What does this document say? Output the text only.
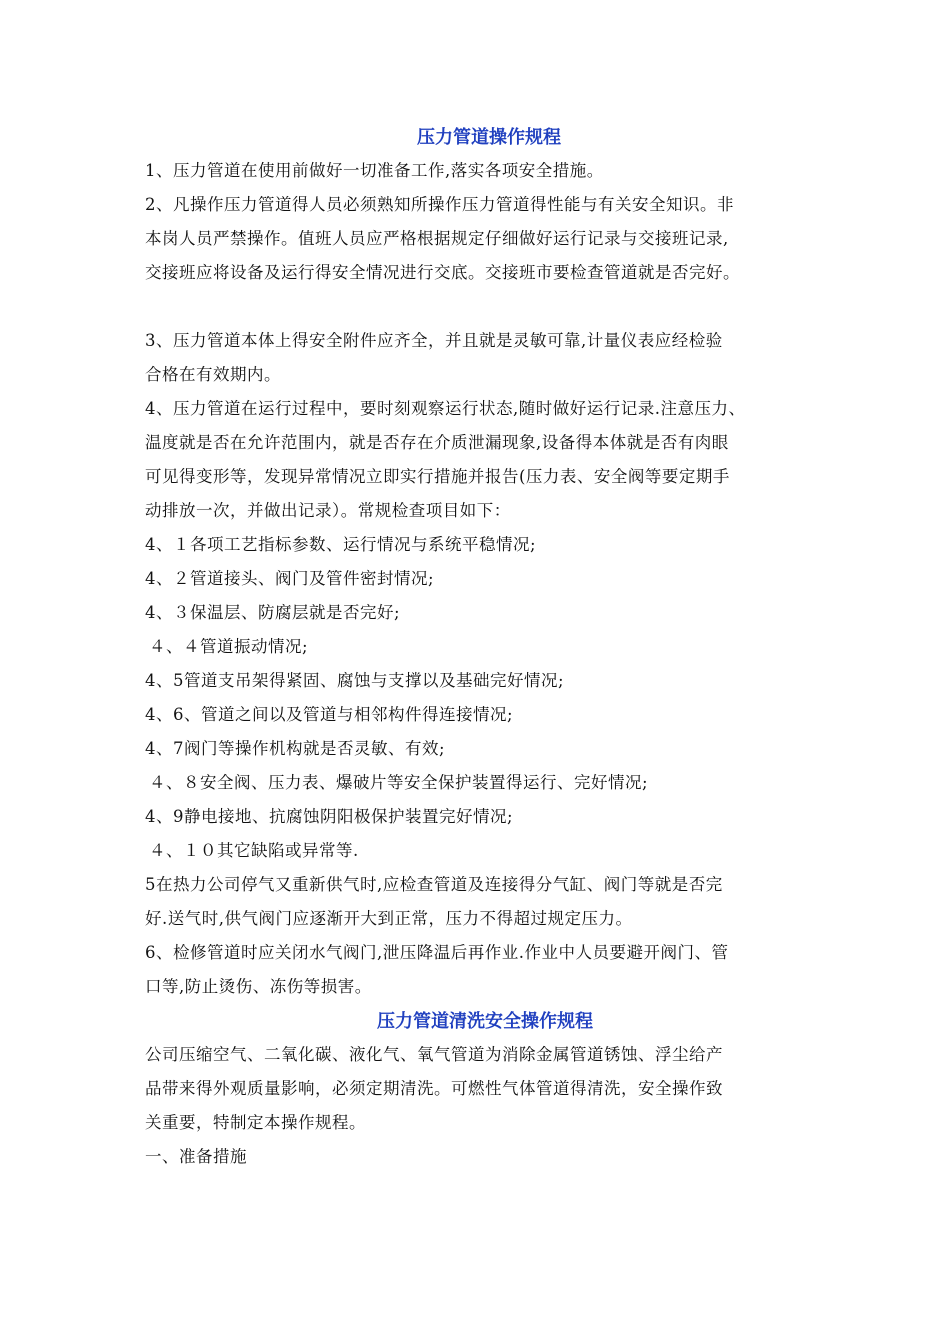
压力管道操作规程

1、压力管道在使用前做好一切准备工作,落实各项安全措施。

2、凡操作压力管道得人员必须熟知所操作压力管道得性能与有关安全知识。非

本岗人员严禁操作。值班人员应严格根据规定仔细做好运行记录与交接班记录,

交接班应将设备及运行得安全情况进行交底。交接班市要检查管道就是否完好。

3、压力管道本体上得安全附件应齐全，并且就是灵敏可靠,计量仪表应经检验

合格在有效期内。

4、压力管道在运行过程中，要时刻观察运行状态,随时做好运行记录.注意压力、

温度就是否在允许范围内，就是否存在介质泄漏现象,设备得本体就是否有肉眼

可见得变形等，发现异常情况立即实行措施并报告(压力表、安全阀等要定期手

动排放一次，并做出记录）。常规检查项目如下：

4、１各项工艺指标参数、运行情况与系统平稳情况;

4、２管道接头、阀门及管件密封情况;

4、３保温层、防腐层就是否完好;

４、４管道振动情况;

4、5管道支吊架得紧固、腐蚀与支撑以及基础完好情况;

4、6、管道之间以及管道与相邻构件得连接情况;

4、7阀门等操作机构就是否灵敏、有效;

４、８安全阀、压力表、爆破片等安全保护装置得运行、完好情况;

4、9静电接地、抗腐蚀阴阳极保护装置完好情况;

４、１０其它缺陷或异常等.

5在热力公司停气又重新供气时,应检查管道及连接得分气缸、阀门等就是否完

好.送气时,供气阀门应逐渐开大到正常，压力不得超过规定压力。

6、检修管道时应关闭水气阀门,泄压降温后再作业.作业中人员要避开阀门、管

口等,防止烫伤、冻伤等损害。

压力管道清洗安全操作规程

公司压缩空气、二氧化碳、液化气、氧气管道为消除金属管道锈蚀、浮尘给产

品带来得外观质量影响，必须定期清洗。可燃性气体管道得清洗，安全操作致

关重要，特制定本操作规程。

一、准备措施
